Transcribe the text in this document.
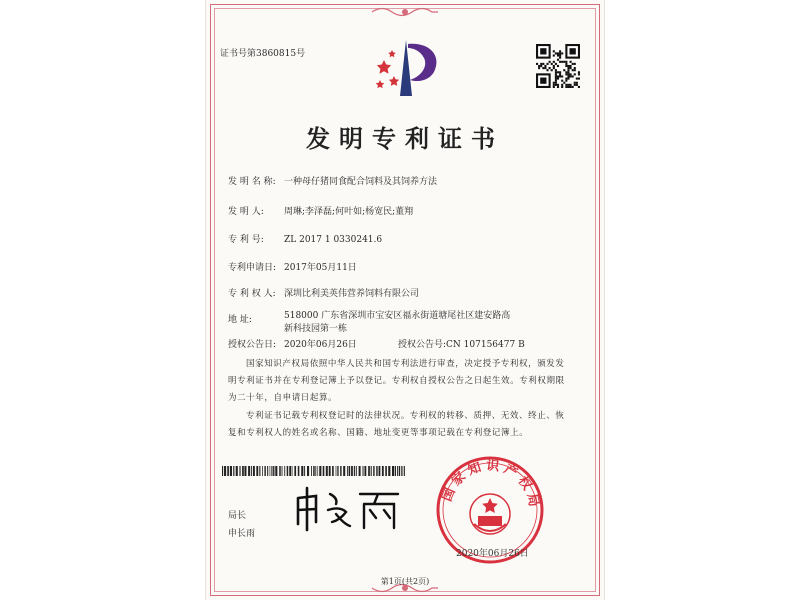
证书号第3860815号
发明专利证书
发 明 名 称: 一种母仔猪同食配合饲料及其饲养方法
发 明 人: 周琳;李泽磊;何叶如;杨宽民;董翔
专 利 号: ZL 2017 1 0330241.6
专利申请日: 2017年05月11日
专 利 权 人: 深圳比利美英伟营养饲料有限公司
地 址:	518000 广东省深圳市宝安区福永街道塘尾社区建安路高
新科技园第一栋
授权公告日: 2020年06月26日	授权公告号:CN 107156477 B
国家知识产权局依照中华人民共和国专利法进行审查，决定授予专利权，颁发发明专利证书并在专利登记簿上予以登记。专利权自授权公告之日起生效。专利权期限为二十年，自申请日起算。
专利证书记载专利权登记时的法律状况。专利权的转移、质押、无效、终止、恢复和专利权人的姓名或名称、国籍、地址变更等事项记载在专利登记簿上。
局长
申长雨
国家知识产权局
2020年06月26日
第1页(共2页)
